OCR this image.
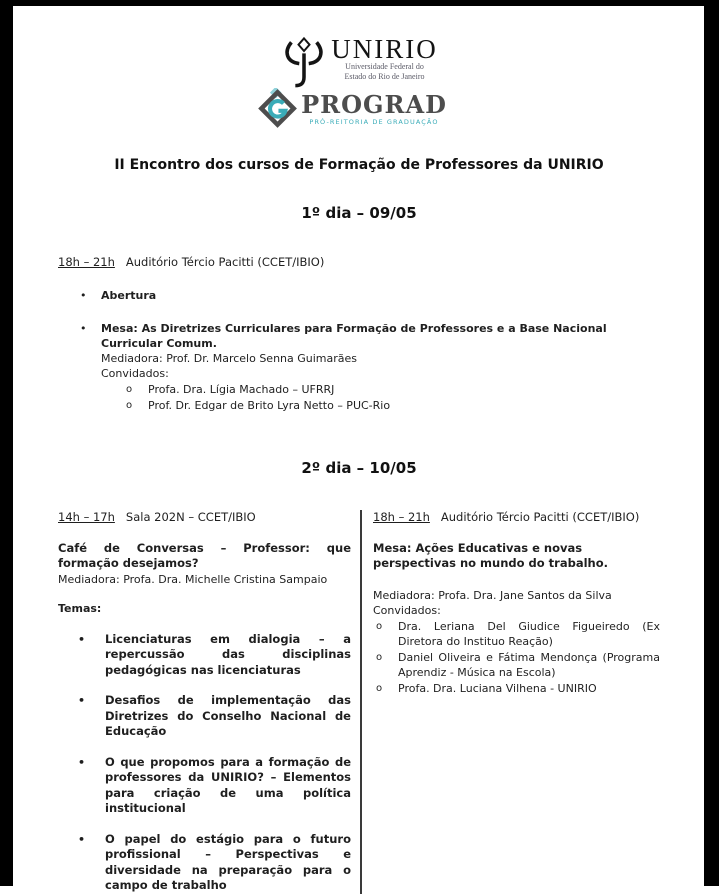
UNIRIO
Universidade Federal do
Estado do Rio de Janeiro
PROGRAD
PRÓ-REITORIA DE GRADUAÇÃO
II Encontro dos cursos de Formação de Professores da UNIRIO
1º dia – 09/05

18h – 21h Auditório Tércio Pacitti (CCET/IBIO)

•	Abertura
•	Mesa: As Diretrizes Curriculares para Formação de Professores e a Base Nacional Curricular Comum.
Mediadora: Prof. Dr. Marcelo Senna Guimarães
Convidados:
o	Profa. Dra. Lígia Machado – UFRRJ
o	Prof. Dr. Edgar de Brito Lyra Netto – PUC-Rio
2º dia – 10/05

14h – 17h Sala 202N – CCET/IBIO

Café de Conversas – Professor: que formação desejamos?
Mediadora: Profa. Dra. Michelle Cristina Sampaio
Temas:
•	Licenciaturas em dialogia – a repercussão das disciplinas pedagógicas nas licenciaturas
•	Desafios de implementação das Diretrizes do Conselho Nacional de Educação
•	O que propomos para a formação de professores da UNIRIO? – Elementos para criação de uma política institucional
•	O papel do estágio para o futuro profissional – Perspectivas e diversidade na preparação para o campo de trabalho

18h – 21h Auditório Tércio Pacitti (CCET/IBIO)

Mesa: Ações Educativas e novas perspectivas no mundo do trabalho.
Mediadora: Profa. Dra. Jane Santos da Silva
Convidados:
o	Dra. Leriana Del Giudice Figueiredo (Ex Diretora do Instituo Reação)
o	Daniel Oliveira e Fátima Mendonça (Programa Aprendiz - Música na Escola)
o	Profa. Dra. Luciana Vilhena - UNIRIO
